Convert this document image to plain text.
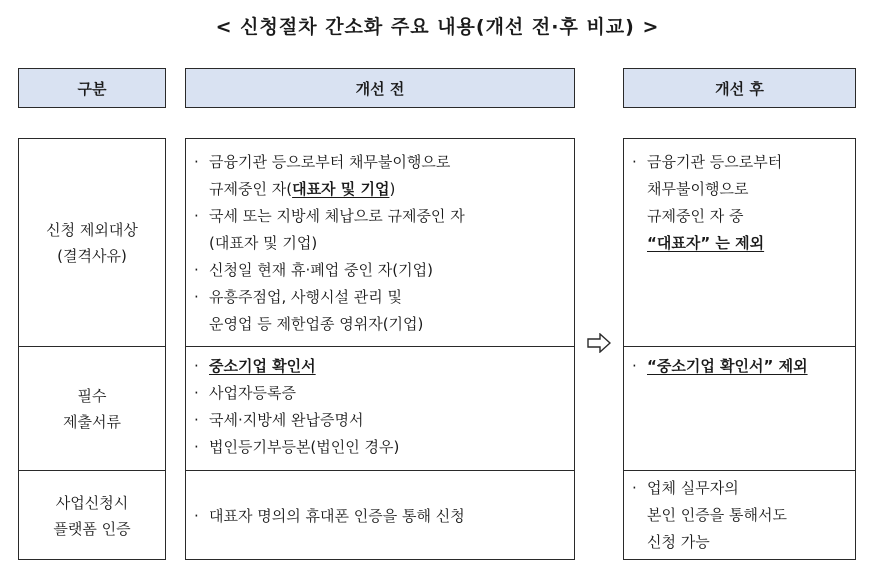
< 신청절차 간소화 주요 내용(개선 전·후 비교) >
구분	개선 전	개선 후
신청 제외대상
(결격사유)
필수
제출서류
사업신청시
플랫폼 인증
· 금융기관 등으로부터 채무불이행으로
규제중인 자(대표자 및 기업)
· 국세 또는 지방세 체납으로 규제중인 자
(대표자 및 기업)
· 신청일 현재 휴·폐업 중인 자(기업)
· 유흥주점업, 사행시설 관리 및
운영업 등 제한업종 영위자(기업)
· 중소기업 확인서
· 사업자등록증
· 국세·지방세 완납증명서
· 법인등기부등본(법인인 경우)
· 대표자 명의의 휴대폰 인증을 통해 신청
· 금융기관 등으로부터
채무불이행으로
규제중인 자 중
“대표자” 는 제외
· “중소기업 확인서” 제외
· 업체 실무자의
본인 인증을 통해서도
신청 가능
